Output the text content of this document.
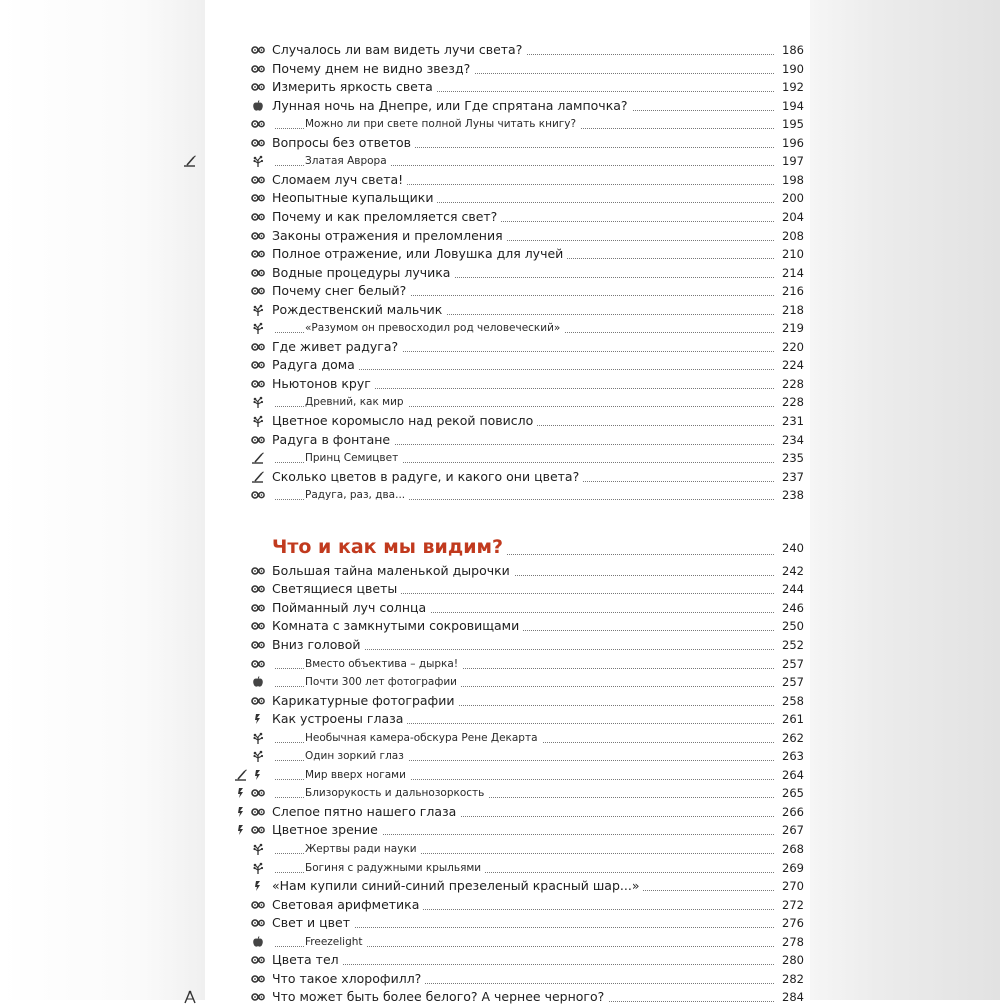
Случалось ли вам видеть лучи света?	186
Почему днем не видно звезд?	190
Измерить яркость света	192
Лунная ночь на Днепре, или Где спрятана лампочка?	194
Можно ли при свете полной Луны читать книгу?	195
Вопросы без ответов	196
Златая Аврора	197
Сломаем луч света!	198
Неопытные купальщики	200
Почему и как преломляется свет?	204
Законы отражения и преломления	208
Полное отражение, или Ловушка для лучей	210
Водные процедуры лучика	214
Почему снег белый?	216
Рождественский мальчик	218
«Разумом он превосходил род человеческий»	219
Где живет радуга?	220
Радуга дома	224
Ньютонов круг	228
Древний, как мир	228
Цветное коромысло над рекой повисло	231
Радуга в фонтане	234
Принц Семицвет	235
Сколько цветов в радуге, и какого они цвета?	237
Радуга, раз, два...	238
Что и как мы видим?	240
Большая тайна маленькой дырочки	242
Светящиеся цветы	244
Пойманный луч солнца	246
Комната с замкнутыми сокровищами	250
Вниз головой	252
Вместо объектива – дырка!	257
Почти 300 лет фотографии	257
Карикатурные фотографии	258
Как устроены глаза	261
Необычная камера-обскура Рене Декарта	262
Один зоркий глаз	263
Мир вверх ногами	264
Близорукость и дальнозоркость	265
Слепое пятно нашего глаза	266
Цветное зрение	267
Жертвы ради науки	268
Богиня с радужными крыльями	269
«Нам купили синий-синий презеленый красный шар...»	270
Световая арифметика	272
Свет и цвет	276
Freezelight	278
Цвета тел	280
Что такое хлорофилл?	282
Что может быть более белого? А чернее черного?	284
